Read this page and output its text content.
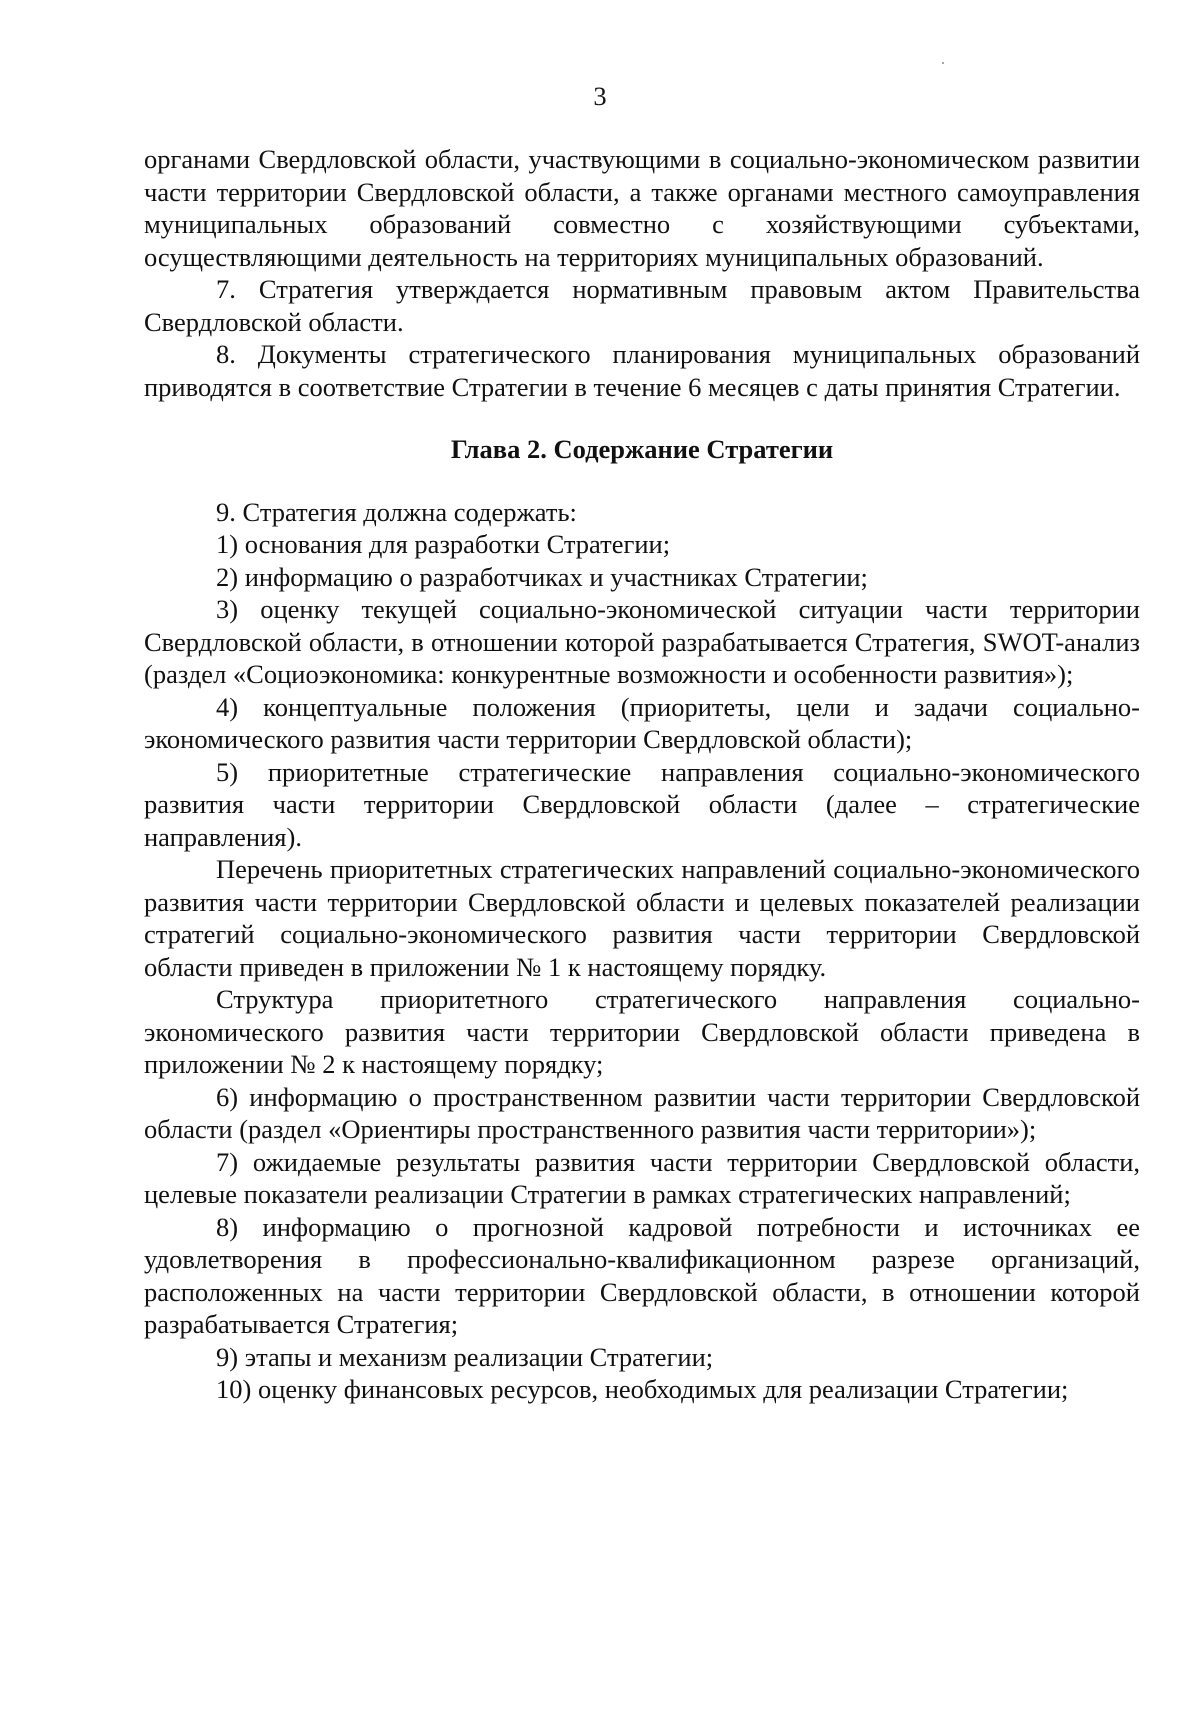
3

органами Свердловской области, участвующими в социально-экономическом развитии части территории Свердловской области, а также органами местного самоуправления муниципальных образований совместно с хозяйствующими субъектами, осуществляющими деятельность на территориях муниципальных образований.

7. Стратегия утверждается нормативным правовым актом Правительства Свердловской области.

8. Документы стратегического планирования муниципальных образований приводятся в соответствие Стратегии в течение 6 месяцев с даты принятия Стратегии.

Глава 2. Содержание Стратегии

9. Стратегия должна содержать:

1) основания для разработки Стратегии;

2) информацию о разработчиках и участниках Стратегии;

3) оценку текущей социально-экономической ситуации части территории Свердловской области, в отношении которой разрабатывается Стратегия, SWOT-анализ (раздел «Социоэкономика: конкурентные возможности и особенности развития»);

4) концептуальные положения (приоритеты, цели и задачи социально-экономического развития части территории Свердловской области);

5) приоритетные стратегические направления социально-экономического развития части территории Свердловской области (далее – стратегические направления).

Перечень приоритетных стратегических направлений социально-экономического развития части территории Свердловской области и целевых показателей реализации стратегий социально-экономического развития части территории Свердловской области приведен в приложении № 1 к настоящему порядку.

Структура приоритетного стратегического направления социально-экономического развития части территории Свердловской области приведена в приложении № 2 к настоящему порядку;

6) информацию о пространственном развитии части территории Свердловской области (раздел «Ориентиры пространственного развития части территории»);

7) ожидаемые результаты развития части территории Свердловской области, целевые показатели реализации Стратегии в рамках стратегических направлений;

8) информацию о прогнозной кадровой потребности и источниках ее удовлетворения в профессионально-квалификационном разрезе организаций, расположенных на части территории Свердловской области, в отношении которой разрабатывается Стратегия;

9) этапы и механизм реализации Стратегии;

10) оценку финансовых ресурсов, необходимых для реализации Стратегии;
